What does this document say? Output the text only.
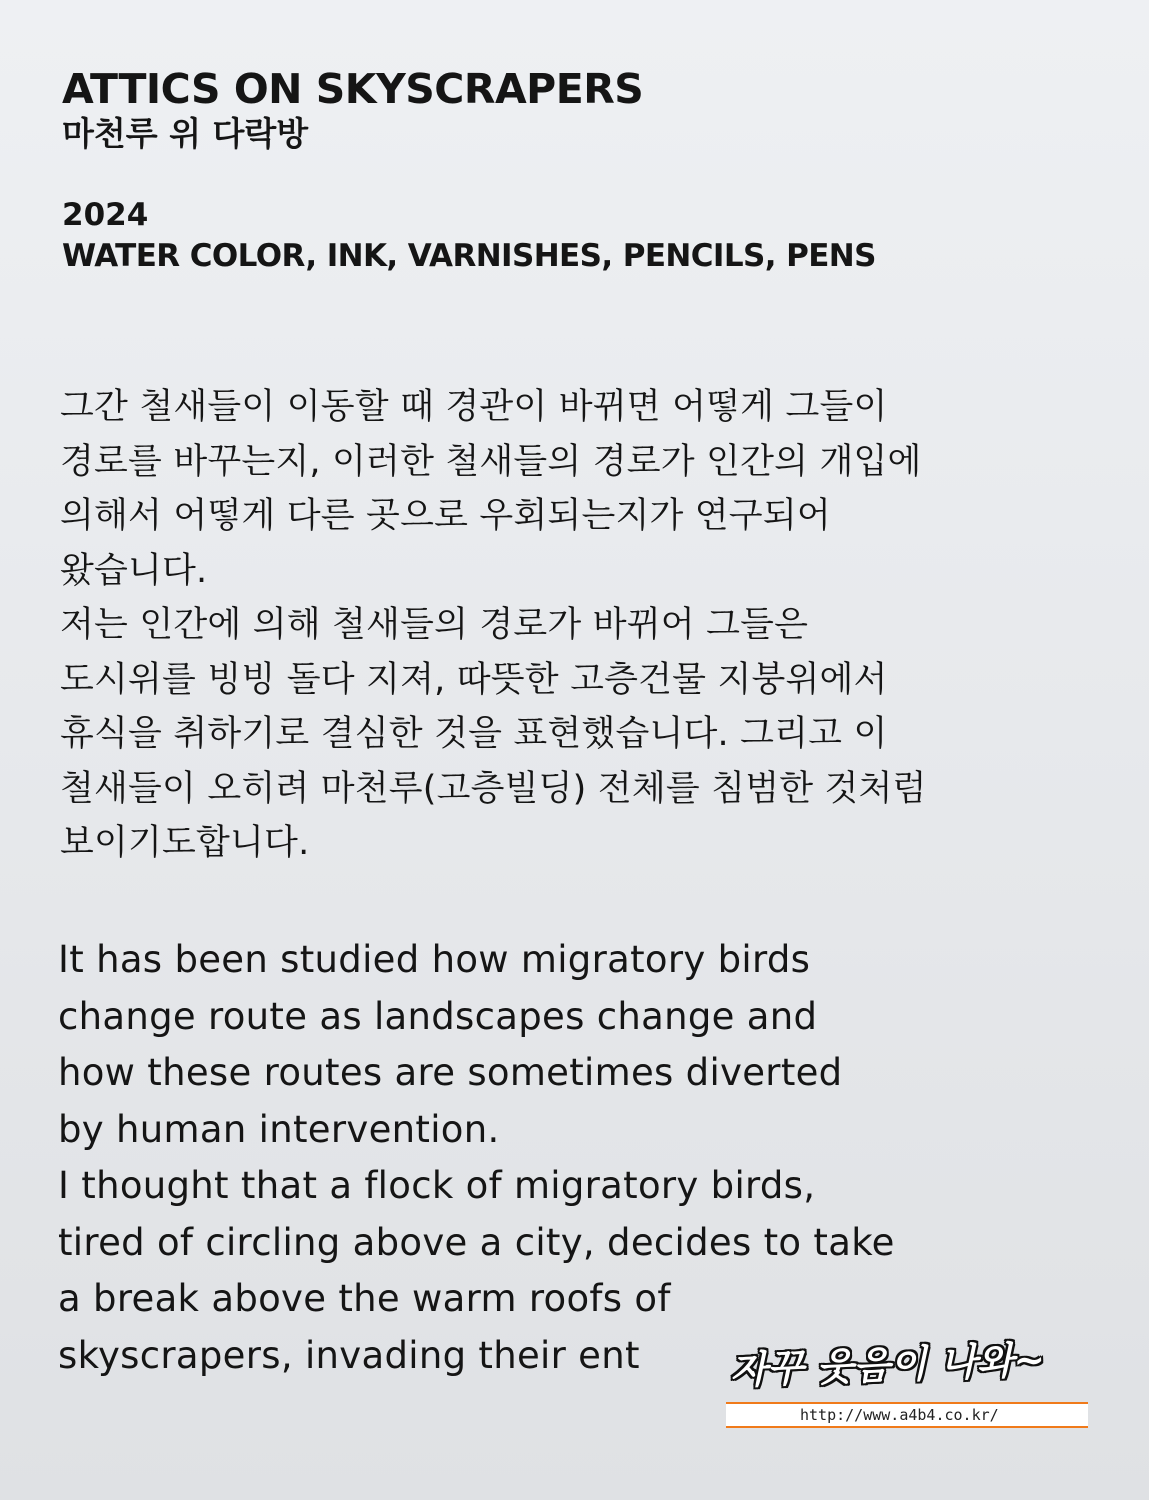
ATTICS ON SKYSCRAPERS
마천루 위 다락방
2024
WATER COLOR, INK, VARNISHES, PENCILS, PENS
그간 철새들이 이동할 때 경관이 바뀌면 어떻게 그들이
경로를 바꾸는지, 이러한 철새들의 경로가 인간의 개입에
의해서 어떻게 다른 곳으로 우회되는지가 연구되어
왔습니다.
저는 인간에 의해 철새들의 경로가 바뀌어 그들은
도시위를 빙빙 돌다 지져, 따뜻한 고층건물 지붕위에서
휴식을 취하기로 결심한 것을 표현했습니다. 그리고 이
철새들이 오히려 마천루(고층빌딩) 전체를 침범한 것처럼
보이기도합니다.
It has been studied how migratory birds
change route as landscapes change and
how these routes are sometimes diverted
by human intervention.
I thought that a flock of migratory birds,
tired of circling above a city, decides to take
a break above the warm roofs of
skyscrapers, invading their ent	자꾸 웃음이 나와~
http://www.a4b4.co.kr/
